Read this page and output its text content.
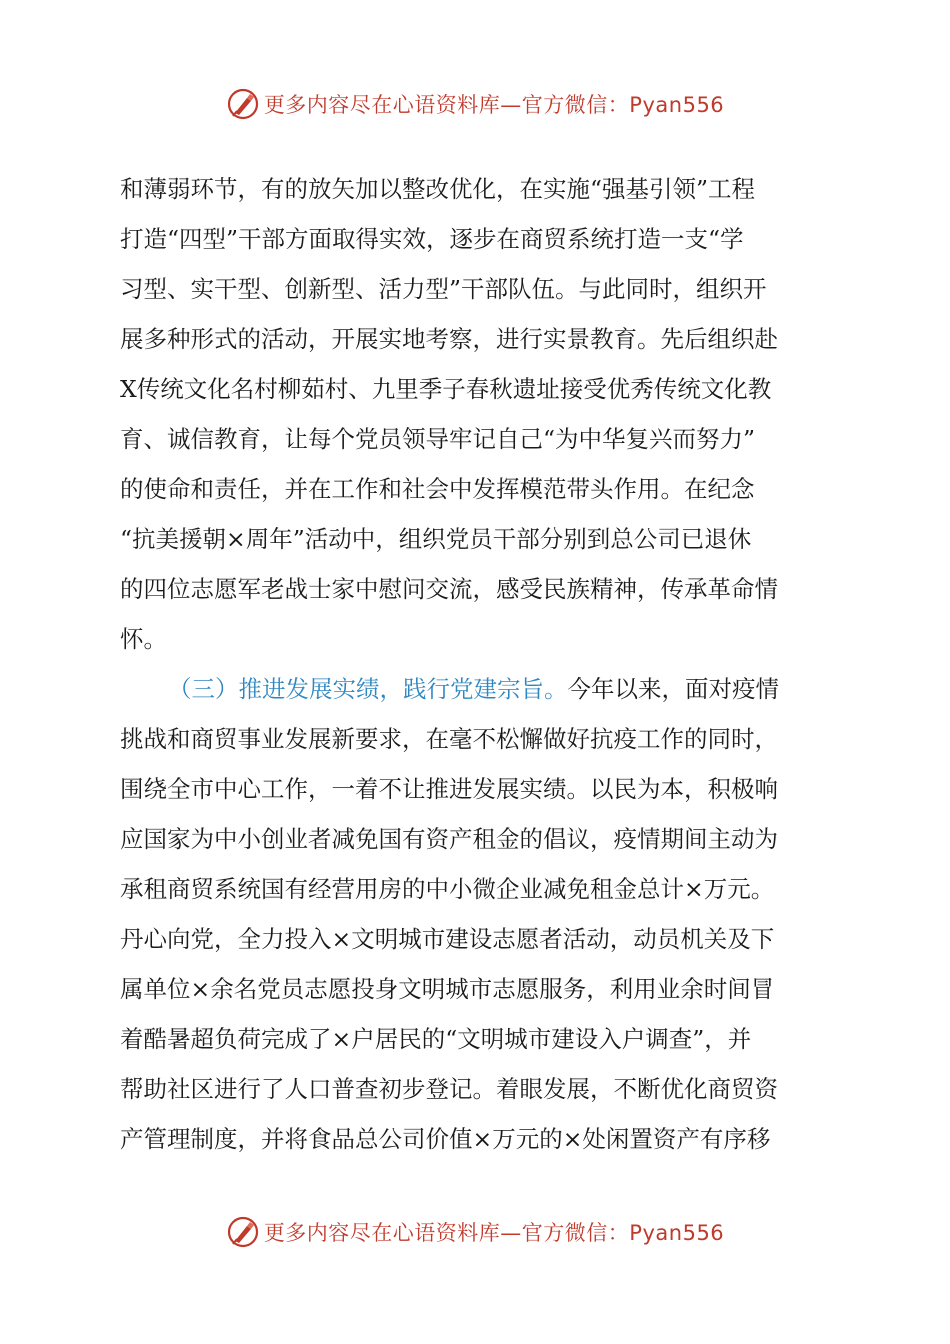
更多内容尽在心语资料库—官方微信：Pyan556
和薄弱环节，有的放矢加以整改优化，在实施“强基引领”工程
打造“四型”干部方面取得实效，逐步在商贸系统打造一支“学
习型、实干型、创新型、活力型”干部队伍。与此同时，组织开
展多种形式的活动，开展实地考察，进行实景教育。先后组织赴
X传统文化名村柳茹村、九里季子春秋遗址接受优秀传统文化教
育、诚信教育，让每个党员领导牢记自己“为中华复兴而努力”
的使命和责任，并在工作和社会中发挥模范带头作用。在纪念
“抗美援朝×周年”活动中，组织党员干部分别到总公司已退休
的四位志愿军老战士家中慰问交流，感受民族精神，传承革命情
怀。
（三）推进发展实绩，践行党建宗旨。 今年以来，面对疫情
挑战和商贸事业发展新要求，在毫不松懈做好抗疫工作的同时，
围绕全市中心工作，一着不让推进发展实绩。以民为本，积极响
应国家为中小创业者减免国有资产租金的倡议，疫情期间主动为
承租商贸系统国有经营用房的中小微企业减免租金总计×万元。
丹心向党，全力投入×文明城市建设志愿者活动，动员机关及下
属单位×余名党员志愿投身文明城市志愿服务，利用业余时间冒
着酷暑超负荷完成了×户居民的“文明城市建设入户调查”，并
帮助社区进行了人口普查初步登记。着眼发展，不断优化商贸资
产管理制度，并将食品总公司价值×万元的×处闲置资产有序移
更多内容尽在心语资料库—官方微信：Pyan556
